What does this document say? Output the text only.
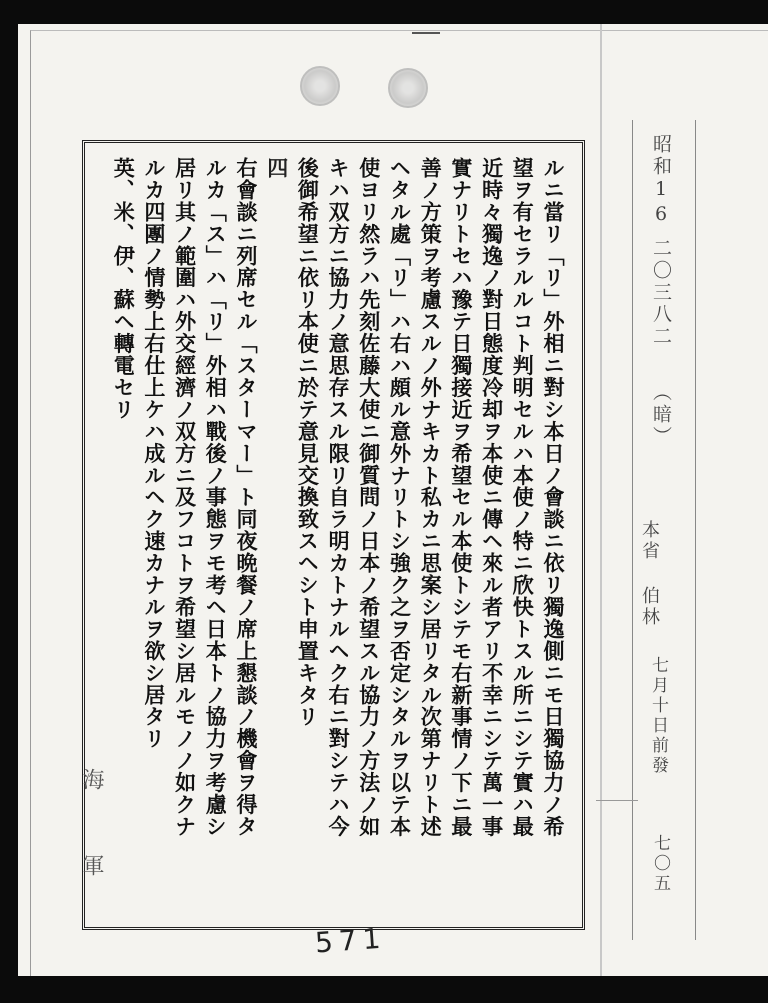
昭和16
二〇三八二
（暗）
本省 伯林
七月十日前發
七〇五
ルニ當リ「リ」外相ニ對シ本日ノ會談ニ依リ獨逸側ニモ日獨協力ノ希
望ヲ有セラルルコト判明セルハ本使ノ特ニ欣快トスル所ニシテ實ハ最
近時々獨逸ノ對日態度冷却ヲ本使ニ傳ヘ來ル者アリ不幸ニシテ萬一事
實ナリトセハ豫テ日獨接近ヲ希望セル本使トシテモ右新事情ノ下ニ最
善ノ方策ヲ考慮スルノ外ナキカト私カニ思案シ居リタル次第ナリト述
ヘタル處「リ」ハ右ハ頗ル意外ナリトシ強ク之ヲ否定シタルヲ以テ本
使ヨリ然ラハ先刻佐藤大使ニ御質問ノ日本ノ希望スル協力ノ方法ノ如
キハ双方ニ協力ノ意思存スル限リ自ラ明カトナルヘク右ニ對シテハ今
後御希望ニ依リ本使ニ於テ意見交換致スヘシト申置キタリ
四
右會談ニ列席セル「スターマー」ト同夜晩餐ノ席上懇談ノ機會ヲ得タ
ルカ「ス」ハ「リ」外相ハ戰後ノ事態ヲモ考ヘ日本トノ協力ヲ考慮シ
居リ其ノ範圍ハ外交經濟ノ双方ニ及フコトヲ希望シ居ルモノノ如クナ
ルカ四團ノ情勢上右仕上ケハ成ルヘク速カナルヲ欲シ居タリ
英、米、伊、蘇ヘ轉電セリ
海軍
571
